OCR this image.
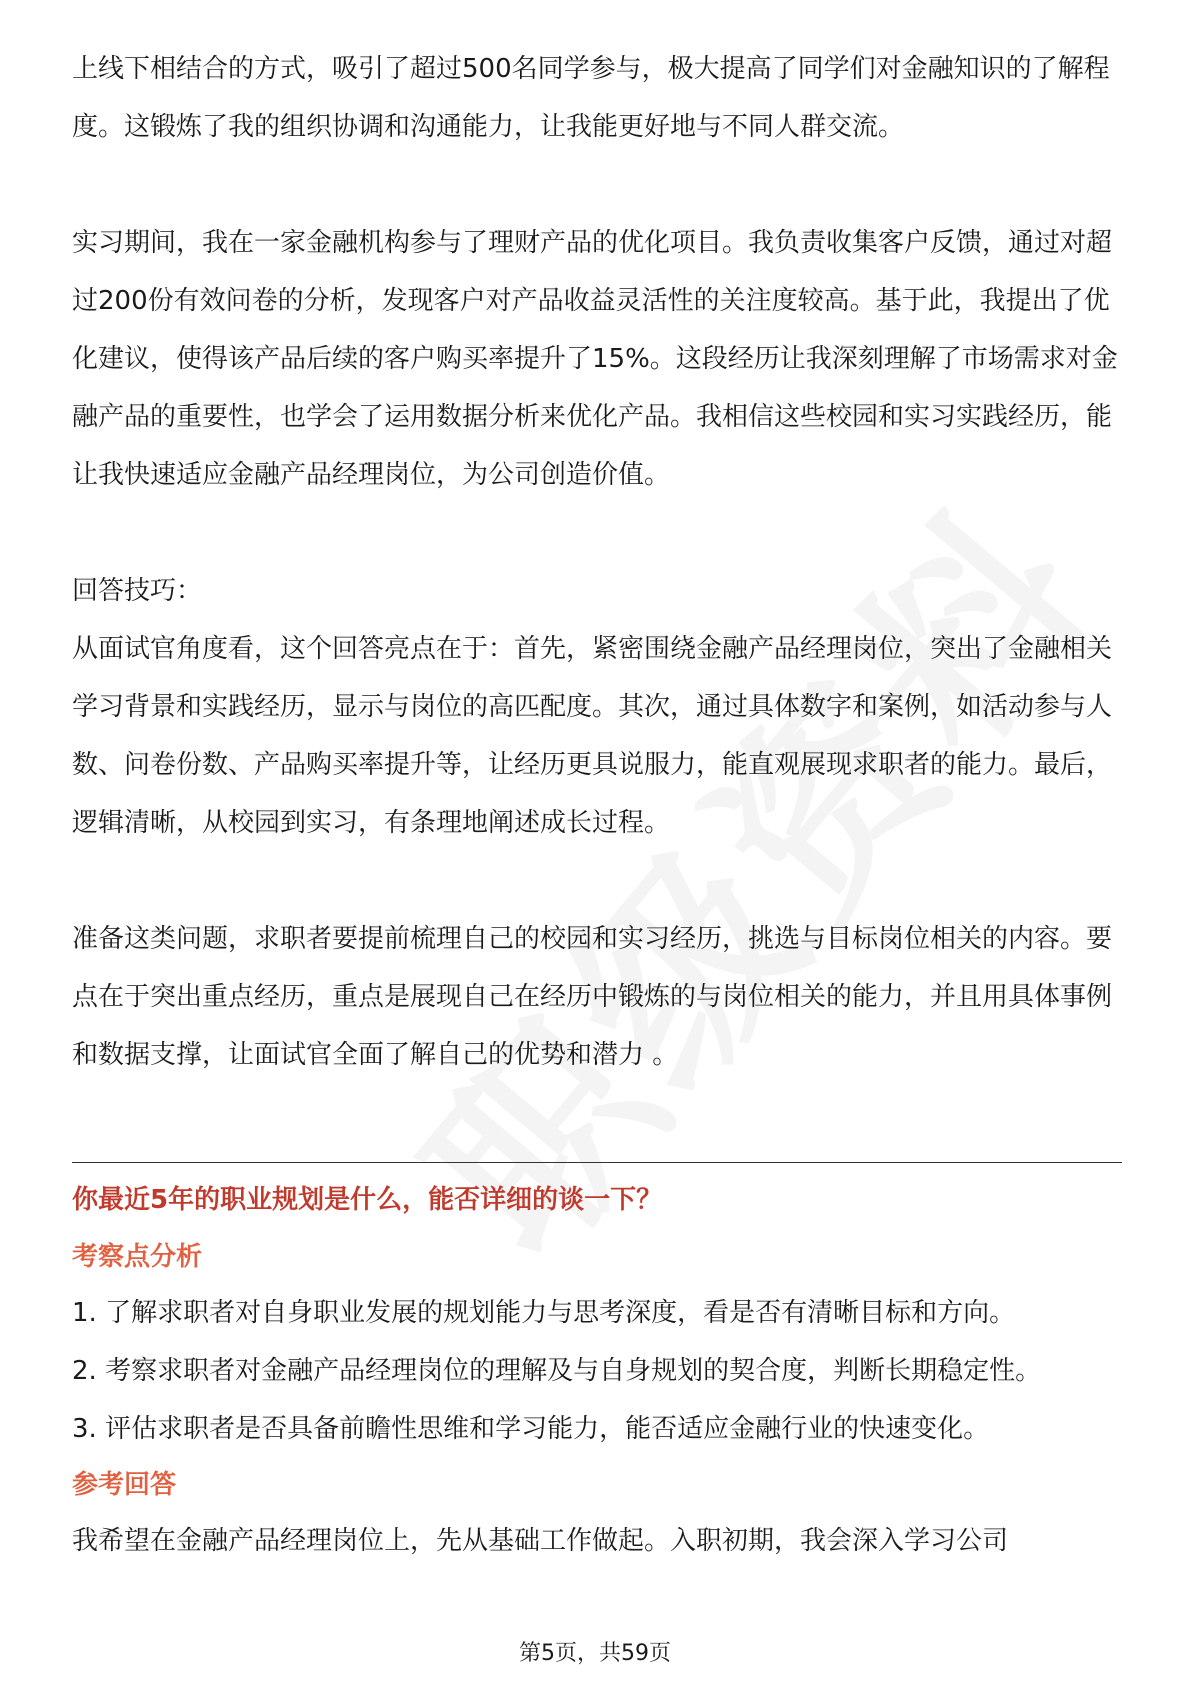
上线下相结合的方式，吸引了超过500名同学参与，极大提高了同学们对金融知识的了解程度。这锻炼了我的组织协调和沟通能力，让我能更好地与不同人群交流。

实习期间，我在一家金融机构参与了理财产品的优化项目。我负责收集客户反馈，通过对超过200份有效问卷的分析，发现客户对产品收益灵活性的关注度较高。基于此，我提出了优化建议，使得该产品后续的客户购买率提升了15%。这段经历让我深刻理解了市场需求对金融产品的重要性，也学会了运用数据分析来优化产品。我相信这些校园和实习实践经历，能让我快速适应金融产品经理岗位，为公司创造价值。

回答技巧：

从面试官角度看，这个回答亮点在于：首先，紧密围绕金融产品经理岗位，突出了金融相关学习背景和实践经历，显示与岗位的高匹配度。其次，通过具体数字和案例，如活动参与人数、问卷份数、产品购买率提升等，让经历更具说服力，能直观展现求职者的能力。最后，逻辑清晰，从校园到实习，有条理地阐述成长过程。

准备这类问题，求职者要提前梳理自己的校园和实习经历，挑选与目标岗位相关的内容。要点在于突出重点经历，重点是展现自己在经历中锻炼的与岗位相关的能力，并且用具体事例和数据支撑，让面试官全面了解自己的优势和潜力 。

你最近5年的职业规划是什么，能否详细的谈一下？

考察点分析

1. 了解求职者对自身职业发展的规划能力与思考深度，看是否有清晰目标和方向。

2. 考察求职者对金融产品经理岗位的理解及与自身规划的契合度，判断长期稳定性。

3. 评估求职者是否具备前瞻性思维和学习能力，能否适应金融行业的快速变化。

参考回答

我希望在金融产品经理岗位上，先从基础工作做起。入职初期，我会深入学习公司

第5页，共59页
